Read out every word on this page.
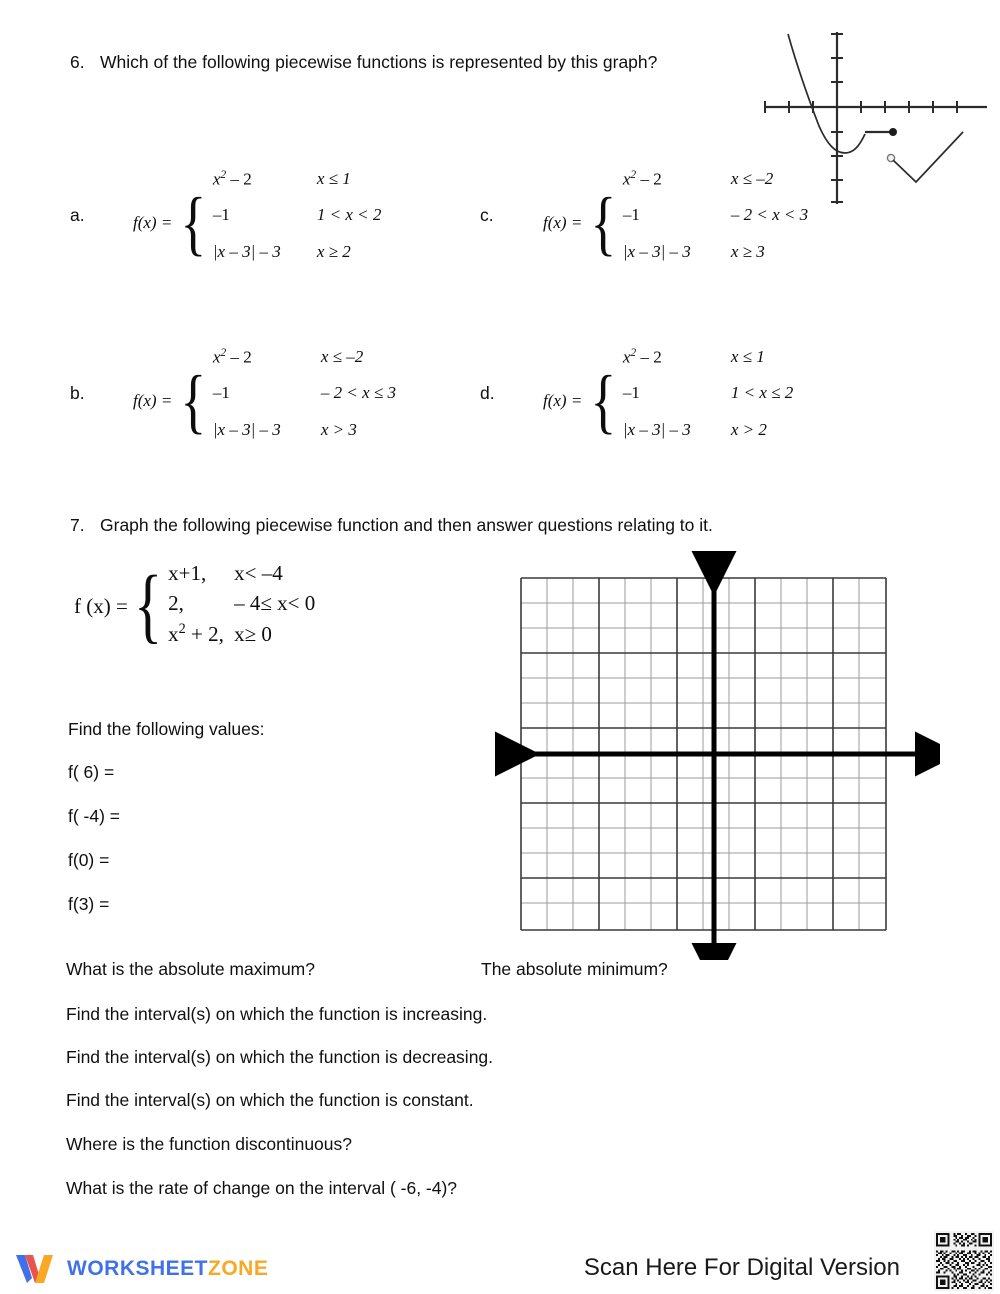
6. Which of the following piecewise functions is represented by this graph?
a.	f(x) = {
$x^2 - 2$	x ≤ 1
–1	1 < x < 2
|x – 3| – 3	x ≥ 2
c.	f(x) = {
$x^2 - 2$	x ≤ –2
–1	– 2 < x < 3
|x – 3| – 3	x ≥ 3
b.	f(x) = {
$x^2 - 2$	x ≤ –2
–1	– 2 < x ≤ 3
|x – 3| – 3	x > 3
d.	f(x) = {
$x^2 - 2$	x ≤ 1
–1	1 < x ≤ 2
|x – 3| – 3	x > 2
7. Graph the following piecewise function and then answer questions relating to it.
f (x) = { x+1,	x< –4
2,	– 4≤ x< 0
$x^2 + 2$, x≥ 0
Find the following values:
f( 6) =
f( -4) =
f(0) =
f(3) =
What is the absolute maximum?	The absolute minimum?
Find the interval(s) on which the function is increasing.
Find the interval(s) on which the function is decreasing.
Find the interval(s) on which the function is constant.
Where is the function discontinuous?
What is the rate of change on the interval ( -6, -4)?
WORKSHEETZONE	Scan Here For Digital Version
